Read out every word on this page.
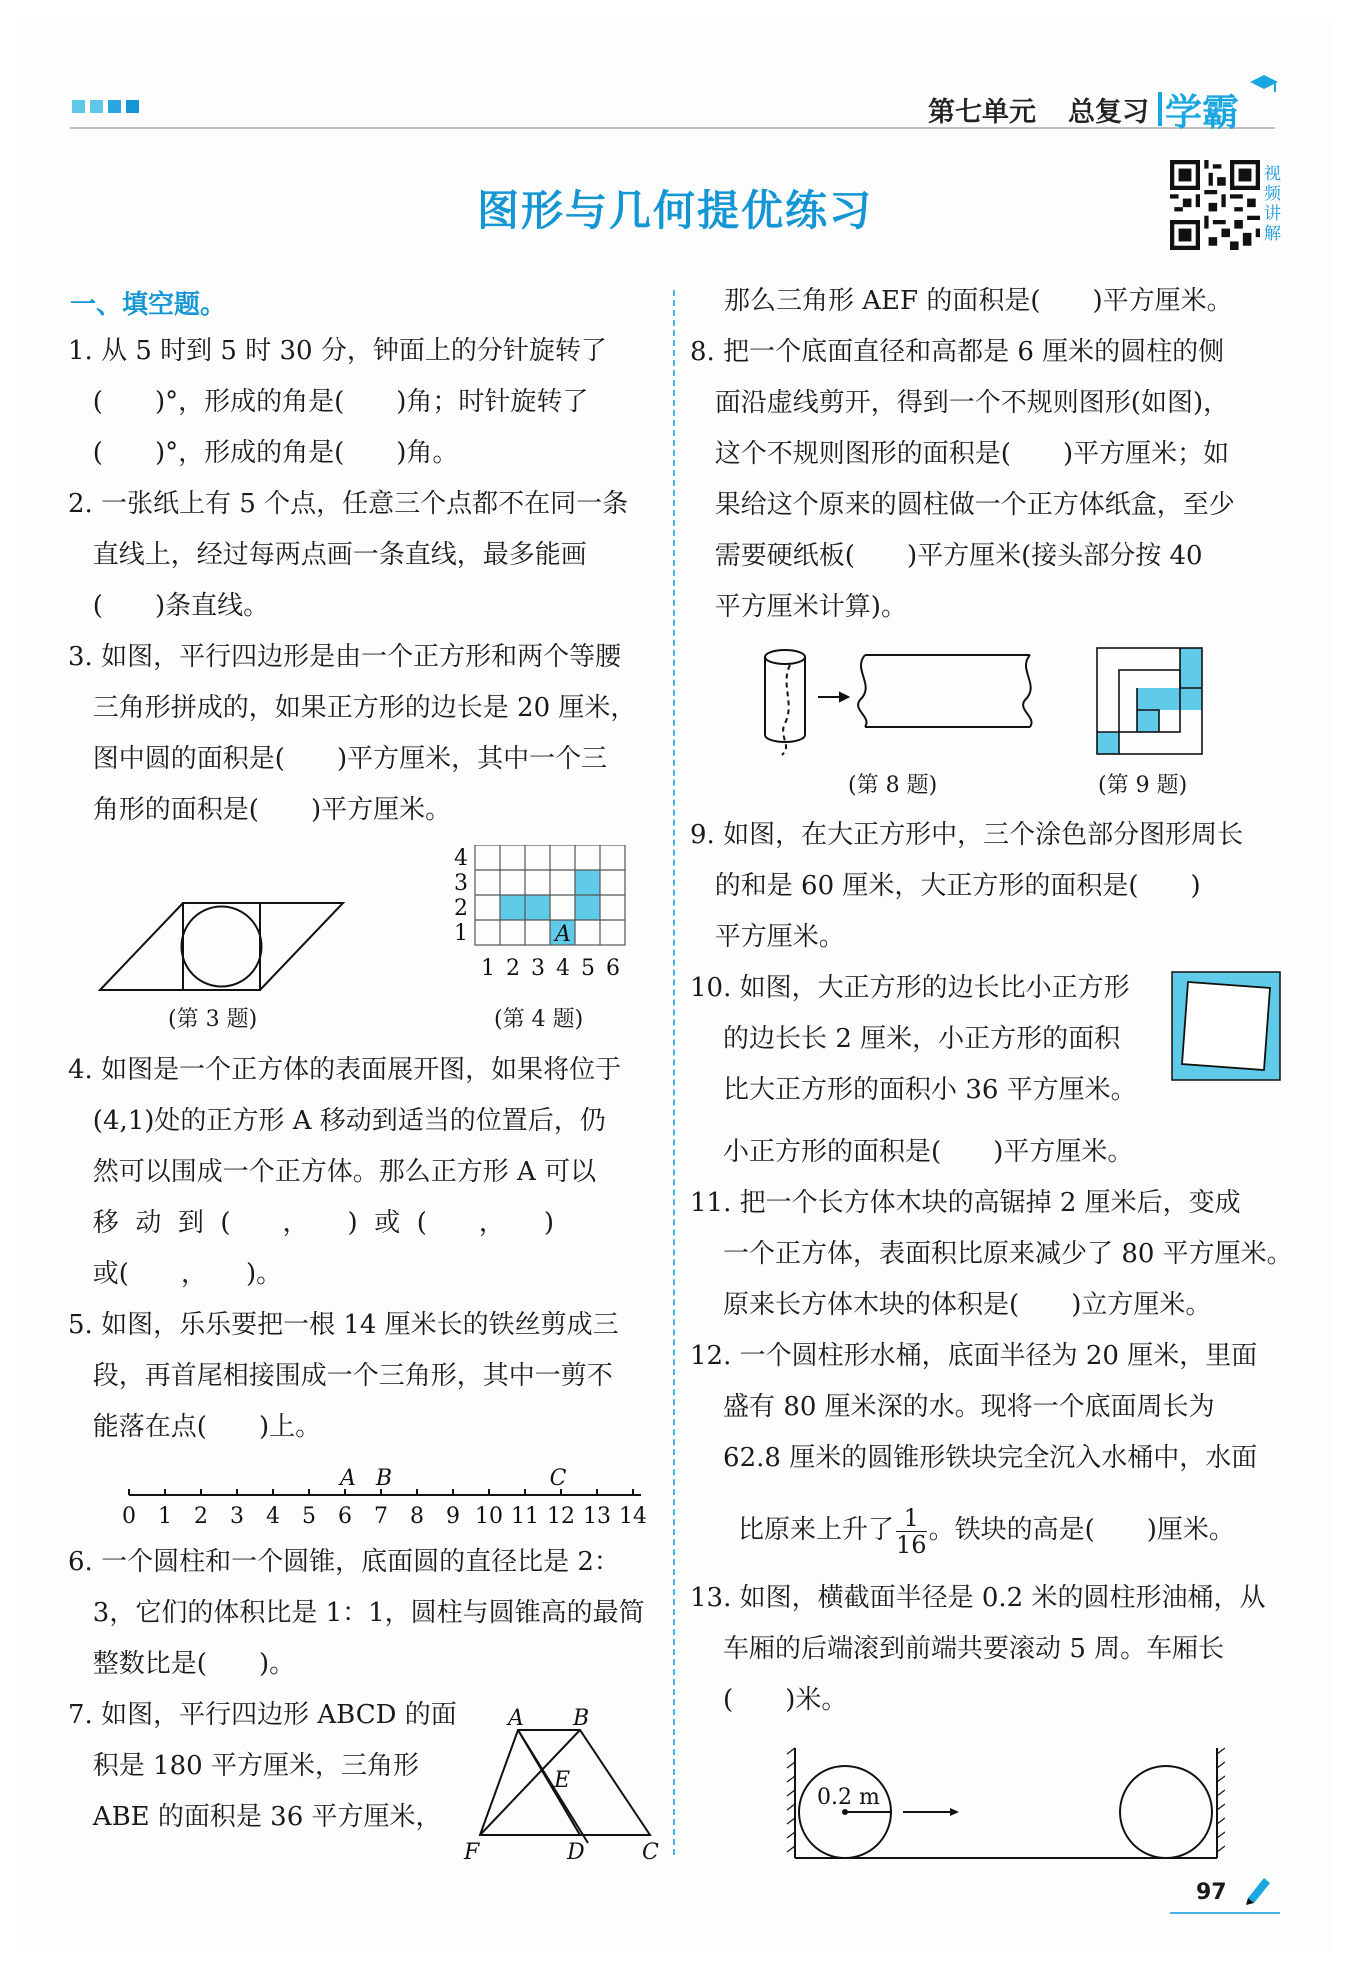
第七单元 总复习 学霸
图形与几何提优练习
视频讲解
一、填空题。
1. 从 5 时到 5 时 30 分，钟面上的分针旋转了
(　　)°，形成的角是(　　)角；时针旋转了
(　　)°，形成的角是(　　)角。
2. 一张纸上有 5 个点，任意三个点都不在同一条
直线上，经过每两点画一条直线，最多能画
(　　)条直线。
3. 如图，平行四边形是由一个正方形和两个等腰
三角形拼成的，如果正方形的边长是 20 厘米，
图中圆的面积是(　　)平方厘米，其中一个三
角形的面积是(　　)平方厘米。
(第 3 题)
4
3
2
1
1 2 3 4 5 6
A
(第 4 题)
4. 如图是一个正方体的表面展开图，如果将位于
(4,1)处的正方形 A 移动到适当的位置后，仍
然可以围成一个正方体。那么正方形 A 可以
移  动  到  (　　，　　)  或  (　　，　　)
或(　　，　　)。
5. 如图，乐乐要把一根 14 厘米长的铁丝剪成三
段，再首尾相接围成一个三角形，其中一剪不
能落在点(　　)上。
0 1 2 3 4 5 6 7 8 9 10 11 12 13 14
A B	C
6. 一个圆柱和一个圆锥，底面圆的直径比是 2：
3，它们的体积比是 1：1，圆柱与圆锥高的最简
整数比是(　　)。
7. 如图，平行四边形 ABCD 的面
积是 180 平方厘米，三角形
ABE 的面积是 36 平方厘米，
A B
E
F	D	C
那么三角形 AEF 的面积是(　　)平方厘米。
8. 把一个底面直径和高都是 6 厘米的圆柱的侧
面沿虚线剪开，得到一个不规则图形(如图)，
这个不规则图形的面积是(　　)平方厘米；如
果给这个原来的圆柱做一个正方体纸盒，至少
需要硬纸板(　　)平方厘米(接头部分按 40
平方厘米计算)。
(第 8 题)	(第 9 题)
9. 如图，在大正方形中，三个涂色部分图形周长
的和是 60 厘米，大正方形的面积是(　　)
平方厘米。
10. 如图，大正方形的边长比小正方形
的边长长 2 厘米，小正方形的面积
比大正方形的面积小 36 平方厘米。
小正方形的面积是(　　)平方厘米。
11. 把一个长方体木块的高锯掉 2 厘米后，变成
一个正方体，表面积比原来减少了 80 平方厘米。
原来长方体木块的体积是(　　)立方厘米。
12. 一个圆柱形水桶，底面半径为 20 厘米，里面
盛有 80 厘米深的水。现将一个底面周长为
62.8 厘米的圆锥形铁块完全沉入水桶中，水面
比原来上升了 $\frac{1}{16}$ 。铁块的高是(　　)厘米。
13. 如图，横截面半径是 0.2 米的圆柱形油桶，从
车厢的后端滚到前端共要滚动 5 周。车厢长
(　　)米。
0.2 m
97
